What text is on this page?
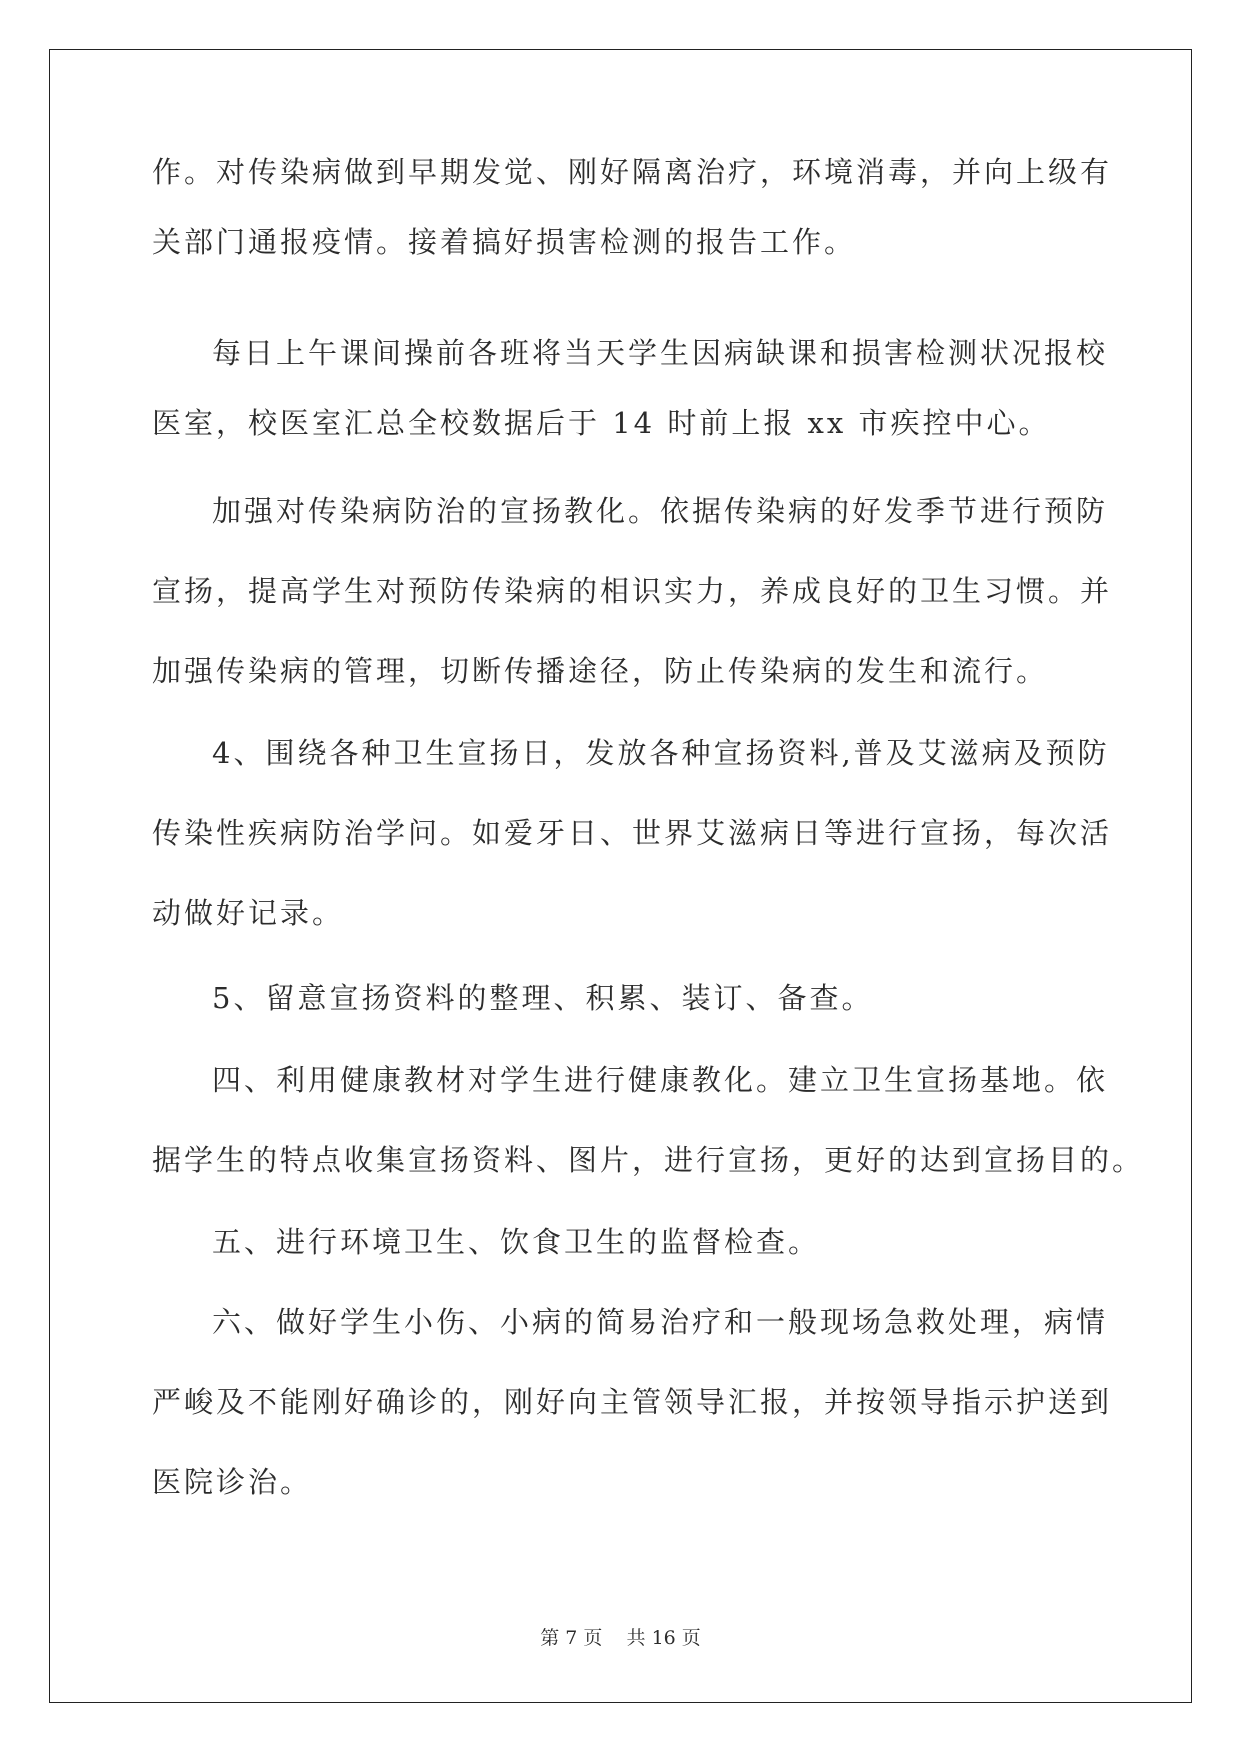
作。对传染病做到早期发觉、刚好隔离治疗，环境消毒，并向上级有
关部门通报疫情。接着搞好损害检测的报告工作。
每日上午课间操前各班将当天学生因病缺课和损害检测状况报校
医室，校医室汇总全校数据后于 14 时前上报 xx 市疾控中心。
加强对传染病防治的宣扬教化。依据传染病的好发季节进行预防
宣扬，提高学生对预防传染病的相识实力，养成良好的卫生习惯。并
加强传染病的管理，切断传播途径，防止传染病的发生和流行。
4、围绕各种卫生宣扬日，发放各种宣扬资料,普及艾滋病及预防
传染性疾病防治学问。如爱牙日、世界艾滋病日等进行宣扬，每次活
动做好记录。
5、留意宣扬资料的整理、积累、装订、备查。
四、利用健康教材对学生进行健康教化。建立卫生宣扬基地。依
据学生的特点收集宣扬资料、图片，进行宣扬，更好的达到宣扬目的。
五、进行环境卫生、饮食卫生的监督检查。
六、做好学生小伤、小病的简易治疗和一般现场急救处理，病情
严峻及不能刚好确诊的，刚好向主管领导汇报，并按领导指示护送到
医院诊治。
第 7 页 共 16 页
